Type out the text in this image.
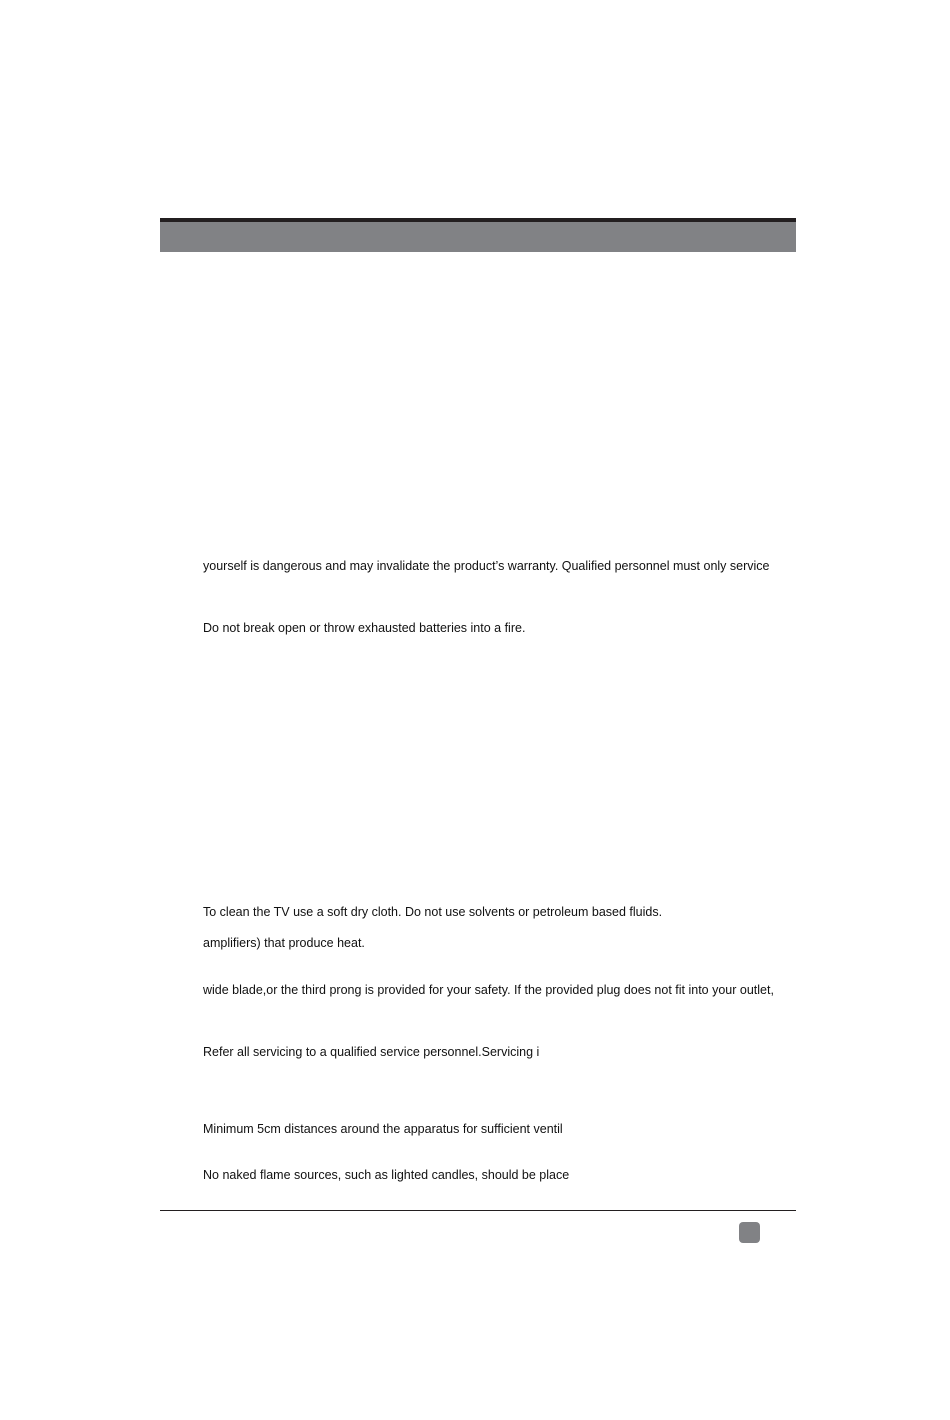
yourself is dangerous and may invalidate the product’s warranty. Qualified personnel must only service
Do not break open or throw exhausted batteries into a fire.
To clean the TV use a soft dry cloth. Do not use solvents or petroleum based fluids.
amplifiers) that produce heat.
wide blade,or the third prong is provided for your safety. If the provided plug does not fit into your outlet,
Refer all servicing to a qualified service personnel.Servicing i
Minimum 5cm distances around the apparatus for sufficient ventil
No naked flame sources, such as lighted candles, should be place
